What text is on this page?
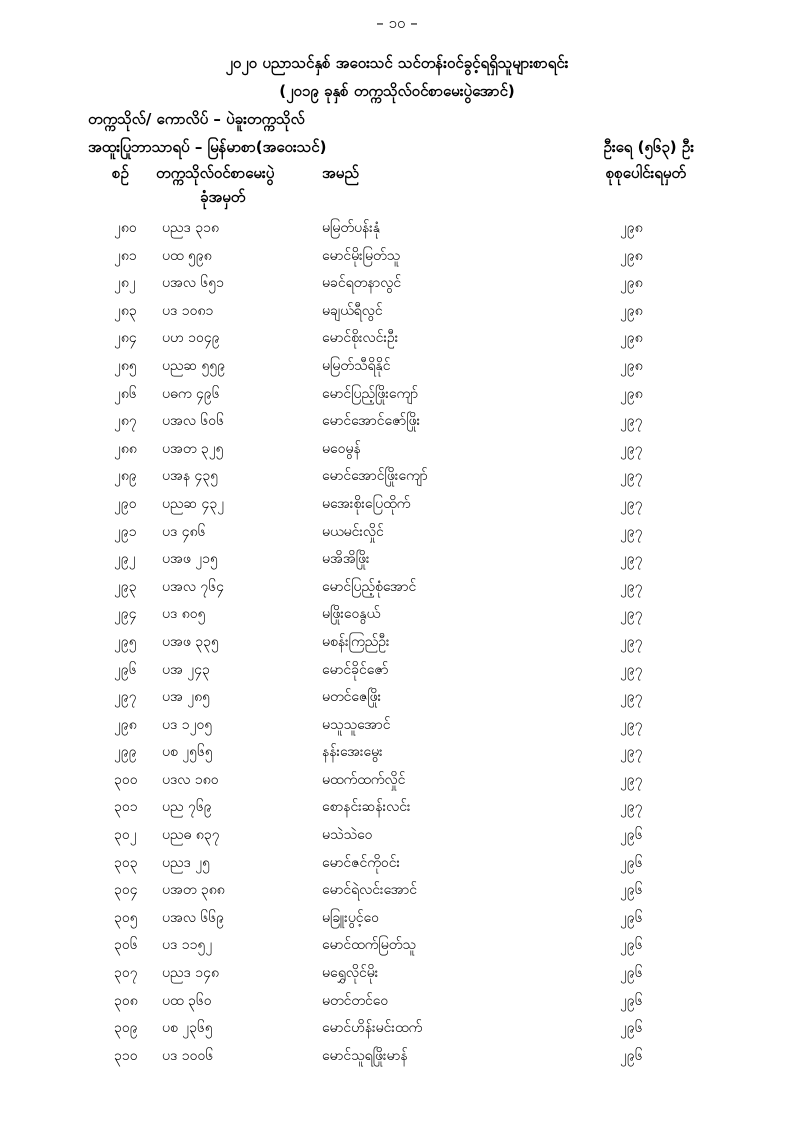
– ၁၀ –
၂၀၂၀ ပညာသင်နှစ် အဝေးသင် သင်တန်းဝင်ခွင့်ရရှိသူများစာရင်း
(၂၀၁၉ ခုနှစ် တက္ကသိုလ်ဝင်စာမေးပွဲအောင်)
တက္ကသိုလ်/ ကောလိပ် – ပဲခူးတက္ကသိုလ်
အထူးပြုဘာသာရပ် – မြန်မာစာ(အဝေးသင်)	ဦးရေ (၅၆၃) ဦး
စဉ် တက္ကသိုလ်ဝင်စာမေးပွဲ
ခုံအမှတ်
အမည်	စုစုပေါင်းရမှတ်
၂၈၀ ပညဒ ၃၁၈	မမြတ်ပန်းနုံ	၂၉၈
၂၈၁ ပထ ၅၉၈	မောင်မိုးမြတ်သူ	၂၉၈
၂၈၂ ပအလ ၆၅၁	မခင်ရတနာလွင်	၂၉၈
၂၈၃ ပဒ ၁၀၈၁	မချယ်ရီလွင်	၂၉၈
၂၈၄ ပဟ ၁၀၄၉	မောင်စိုးလင်းဦး	၂၉၈
၂၈၅ ပညဆ ၅၅၉	မမြတ်သီရိနိုင်	၂၉၈
၂၈၆ ပဓက ၄၉၆	မောင်ပြည့်ဖြိုးကျော်	၂၉၈
၂၈၇ ပအလ ၆၀၆	မောင်အောင်ဇော်ဖြိုး	၂၉၇
၂၈၈ ပအတ ၃၂၅	မဝေမွန်	၂၉၇
၂၈၉ ပအန ၄၃၅	မောင်အောင်ဖြိုးကျော်	၂၉၇
၂၉၀ ပညဆ ၄၃၂	မအေးစိုးပြေထိုက်	၂၉၇
၂၉၁ ပဒ ၄၈၆	မယမင်းလှိုင်	၂၉၇
၂၉၂ ပအဖ ၂၁၅	မအိအိဖြိုး	၂၉၇
၂၉၃ ပအလ ၇၆၄	မောင်ပြည့်စုံအောင်	၂၉၇
၂၉၄ ပဒ ၈၀၅	မဖြိုးဝေနွယ်	၂၉၇
၂၉၅ ပအဖ ၃၃၅	မစန်းကြည်ဦး	၂၉၇
၂၉၆ ပအ ၂၄၃	မောင်ခိုင်ဇော်	၂၉၇
၂၉၇ ပအ ၂၈၅	မတင်ဇေဖြိုး	၂၉၇
၂၉၈ ပဒ ၁၂၀၅	မသူသူအောင်	၂၉၇
၂၉၉ ပစ ၂၅၆၅	နန်းအေးမွေး	၂၉၇
၃၀၀ ပဒလ ၁၈၀	မထက်ထက်လှိုင်	၂၉၇
၃၀၁ ပည ၇၆၉	စောနင်းဆန်းလင်း	၂၉၇
၃၀၂ ပညဓ ၈၃၇	မသဲသဲဝေ	၂၉၆
၃၀၃ ပညဒ ၂၅	မောင်ဇင်ကိုဝင်း	၂၉၆
၃၀၄ ပအတ ၃၈၈	မောင်ရဲလင်းအောင်	၂၉၆
၃၀၅ ပအလ ၆၆၉	မခြူးပွင့်ဝေ	၂၉၆
၃၀၆ ပဒ ၁၁၅၂	မောင်ထက်မြတ်သူ	၂၉၆
၃၀၇ ပညဒ ၁၄၈	မရွှေလိုင်မိုး	၂၉၆
၃၀၈ ပထ ၃၆၀	မတင်တင်ဝေ	၂၉၆
၃၀၉ ပစ ၂၃၆၅	မောင်ဟိန်းမင်းထက်	၂၉၆
၃၁၀ ပဒ ၁၀၀၆	မောင်သူရဖြိုးမာန်	၂၉၆
